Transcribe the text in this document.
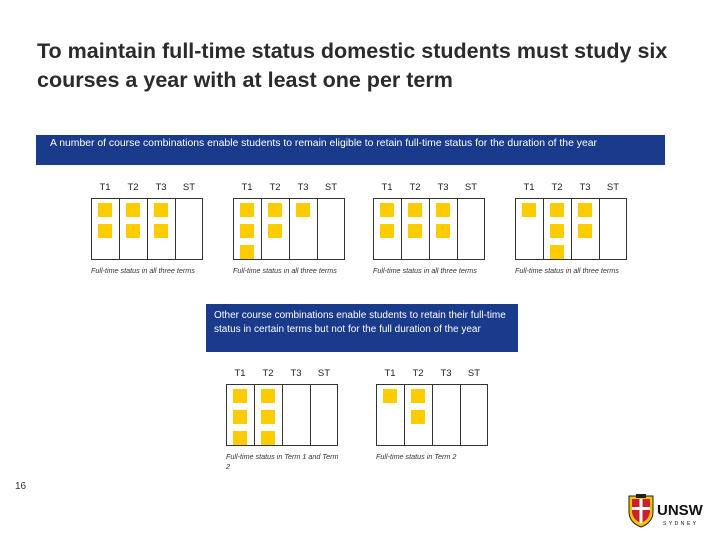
To maintain full-time status domestic students must study six courses a year with at least one per term
A number of course combinations enable students to remain eligible to retain full-time status for the duration of the year
T1	T2	T3	ST
Full-time status in all three terms
T1	T2	T3	ST
Full-time status in all three terms
T1	T2	T3	ST
Full-time status in all three terms
T1	T2	T3	ST
Full-time status in all three terms
Other course combinations enable students to retain their full-time status in certain terms but not for the full duration of the year
T1	T2	T3	ST
Full-time status in Term 1 and Term 2
T1	T2	T3	ST
Full-time status in Term 2
16
UNSW
SYDNEY
